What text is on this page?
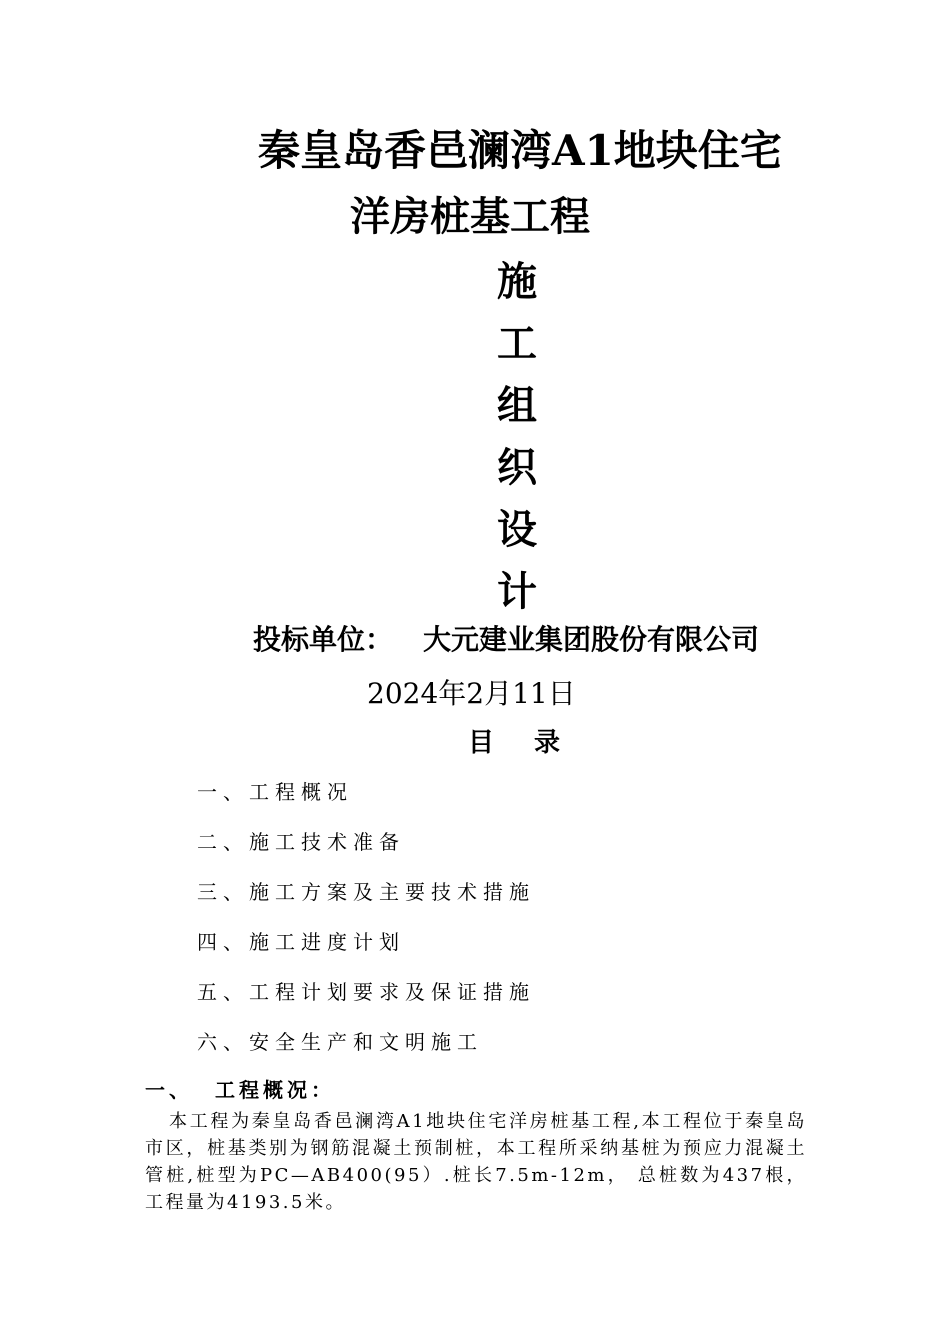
秦皇岛香邑澜湾A1地块住宅
洋房桩基工程
施
工
组
织
设
计
投标单位： 大元建业集团股份有限公司
2024年2月11日
目录
一、工程概况
二、施工技术准备
三、施工方案及主要技术措施
四、施工进度计划
五、工程计划要求及保证措施
六、安全生产和文明施工
一、 工程概况：

本工程为秦皇岛香邑澜湾A1地块住宅洋房桩基工程,本工程位于秦皇岛市区，桩基类别为钢筋混凝土预制桩，本工程所采纳基桩为预应力混凝土管桩,桩型为PC—AB400(95）.桩长7.5m-12m， 总桩数为437根，工程量为4193.5米。
